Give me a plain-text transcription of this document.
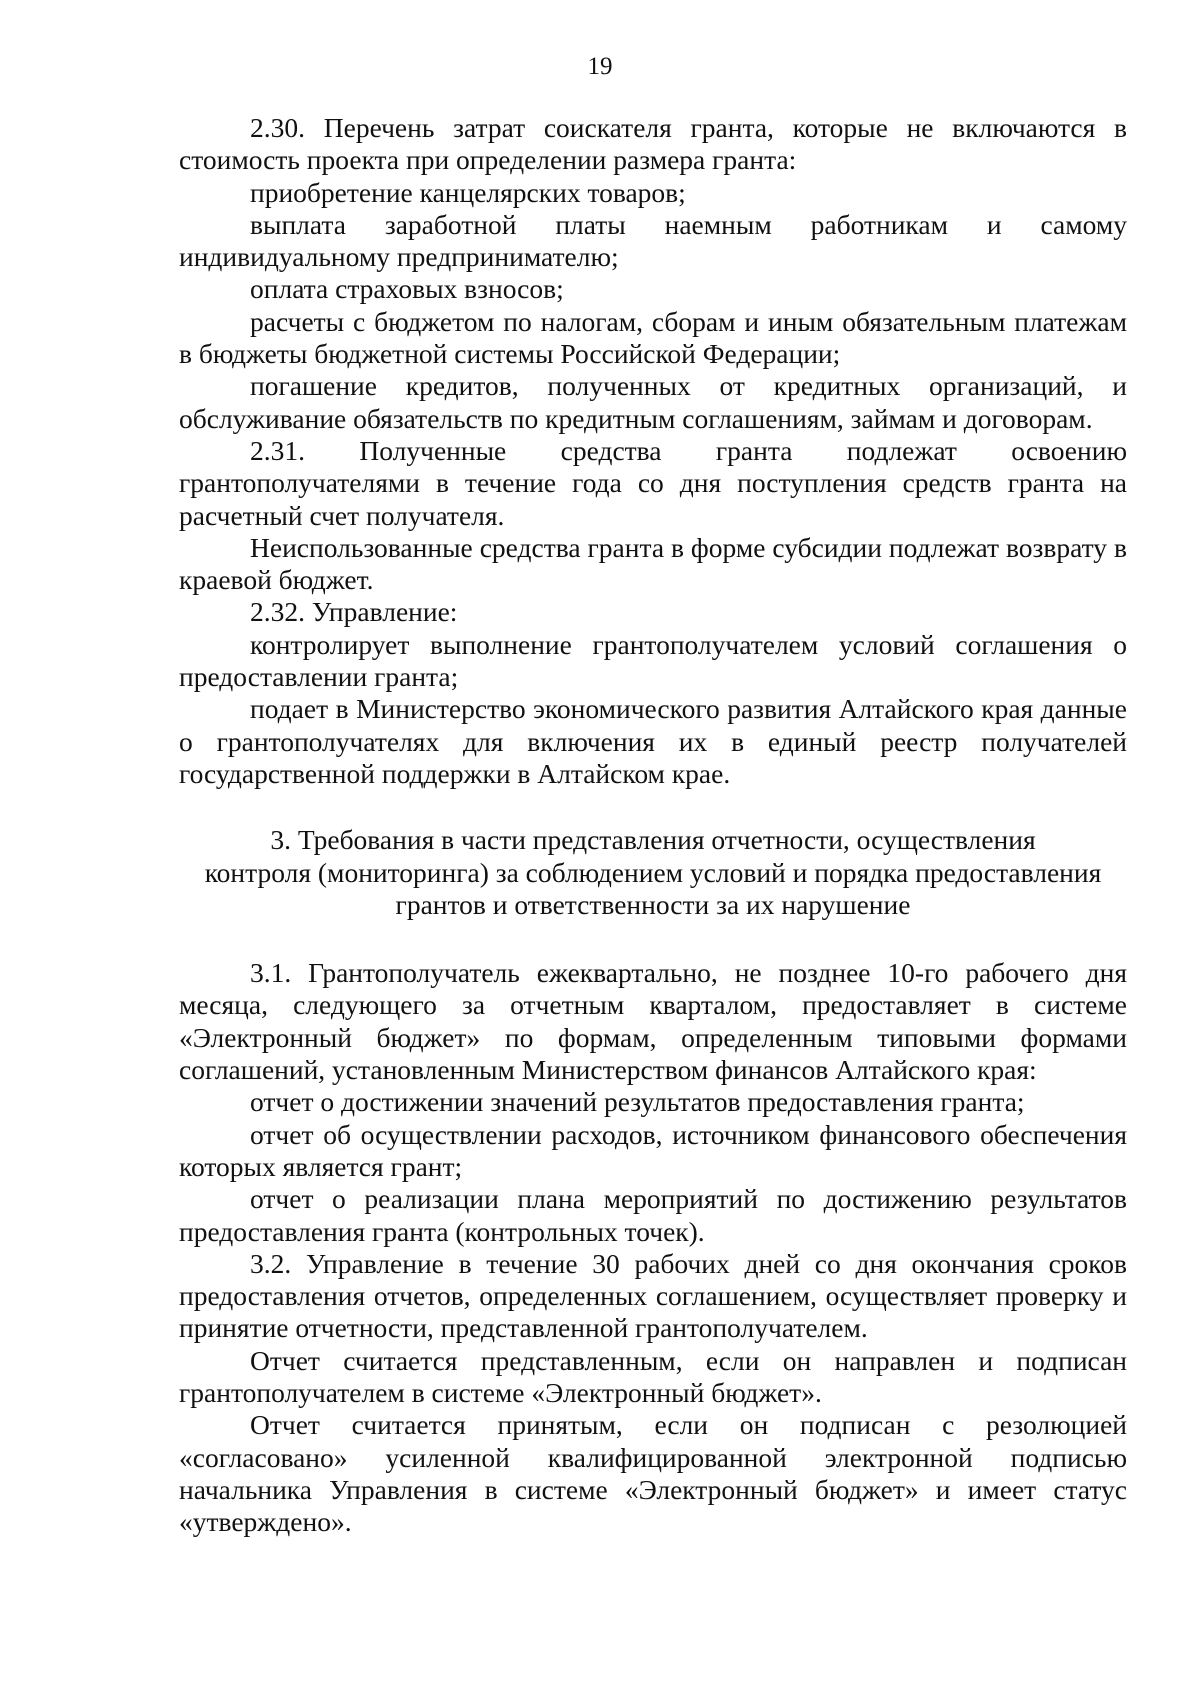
19

2.30. Перечень затрат соискателя гранта, которые не включаются в стоимость проекта при определении размера гранта:

приобретение канцелярских товаров;

выплата заработной платы наемным работникам и самому индивидуальному предпринимателю;

оплата страховых взносов;

расчеты с бюджетом по налогам, сборам и иным обязательным платежам в бюджеты бюджетной системы Российской Федерации;

погашение кредитов, полученных от кредитных организаций, и обслуживание обязательств по кредитным соглашениям, займам и договорам.

2.31. Полученные средства гранта подлежат освоению грантополучателями в течение года со дня поступления средств гранта на расчетный счет получателя.

Неиспользованные средства гранта в форме субсидии подлежат возврату в краевой бюджет.

2.32. Управление:

контролирует выполнение грантополучателем условий соглашения о предоставлении гранта;

подает в Министерство экономического развития Алтайского края данные о грантополучателях для включения их в единый реестр получателей государственной поддержки в Алтайском крае.

3. Требования в части представления отчетности, осуществления
контроля (мониторинга) за соблюдением условий и порядка предоставления
грантов и ответственности за их нарушение

3.1. Грантополучатель ежеквартально, не позднее 10-го рабочего дня месяца, следующего за отчетным кварталом, предоставляет в системе «Электронный бюджет» по формам, определенным типовыми формами соглашений, установленным Министерством финансов Алтайского края:

отчет о достижении значений результатов предоставления гранта;

отчет об осуществлении расходов, источником финансового обеспечения которых является грант;

отчет о реализации плана мероприятий по достижению результатов предоставления гранта (контрольных точек).

3.2. Управление в течение 30 рабочих дней со дня окончания сроков предоставления отчетов, определенных соглашением, осуществляет проверку и принятие отчетности, представленной грантополучателем.

Отчет считается представленным, если он направлен и подписан грантополучателем в системе «Электронный бюджет».

Отчет считается принятым, если он подписан с резолюцией «согласовано» усиленной квалифицированной электронной подписью начальника Управления в системе «Электронный бюджет» и имеет статус «утверждено».
